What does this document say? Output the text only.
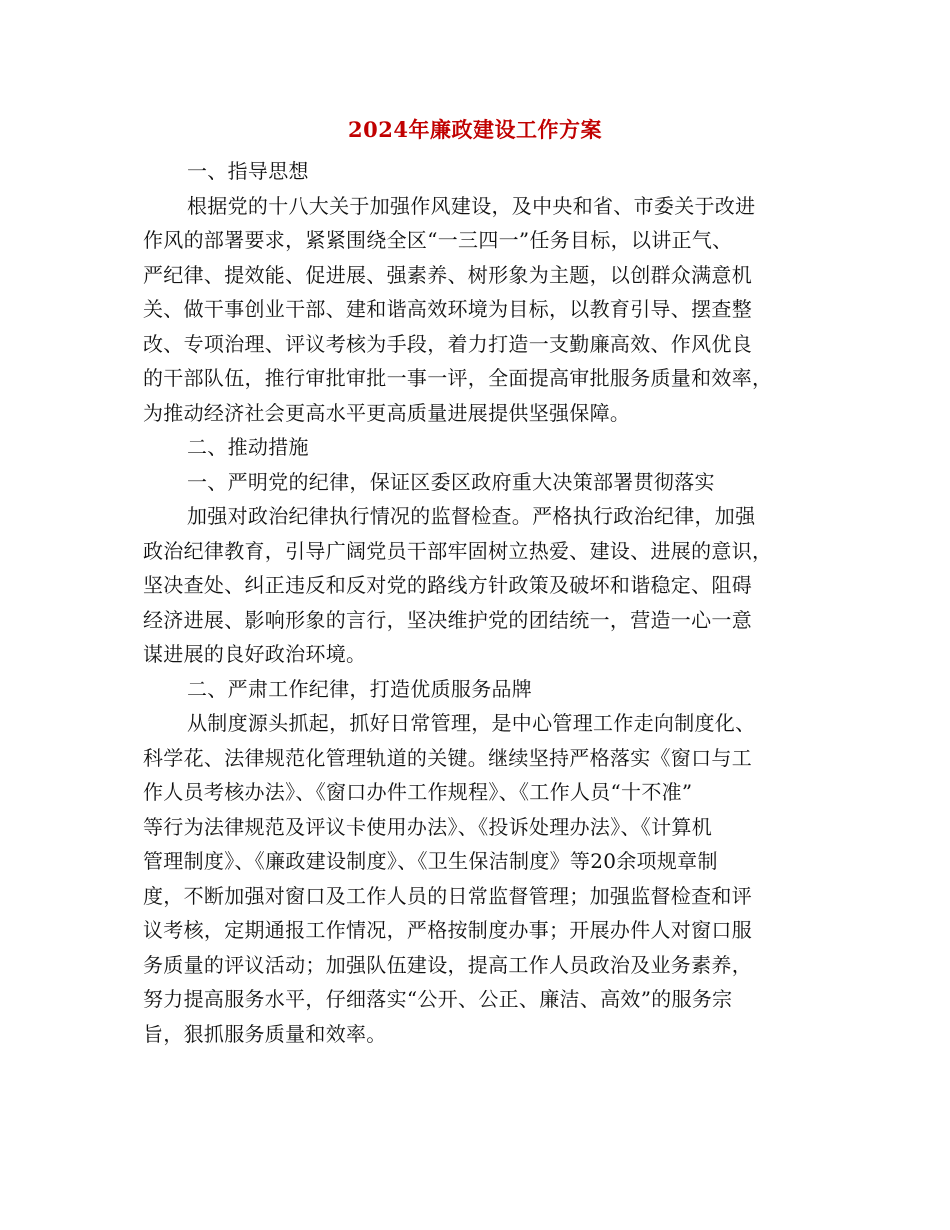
2024年廉政建设工作方案

一、指导思想

根据党的十八大关于加强作风建设，及中央和省、市委关于改进

作风的部署要求，紧紧围绕全区“一三四一”任务目标，以讲正气、

严纪律、提效能、促进展、强素养、树形象为主题，以创群众满意机

关、做干事创业干部、建和谐高效环境为目标，以教育引导、摆查整

改、专项治理、评议考核为手段，着力打造一支勤廉高效、作风优良

的干部队伍，推行审批审批一事一评，全面提高审批服务质量和效率，

为推动经济社会更高水平更高质量进展提供坚强保障。

二、推动措施

一、严明党的纪律，保证区委区政府重大决策部署贯彻落实

加强对政治纪律执行情况的监督检查。严格执行政治纪律，加强

政治纪律教育，引导广阔党员干部牢固树立热爱、建设、进展的意识，

坚决查处、纠正违反和反对党的路线方针政策及破坏和谐稳定、阻碍

经济进展、影响形象的言行，坚决维护党的团结统一，营造一心一意

谋进展的良好政治环境。

二、严肃工作纪律，打造优质服务品牌

从制度源头抓起，抓好日常管理，是中心管理工作走向制度化、

科学花、法律规范化管理轨道的关键。继续坚持严格落实《窗口与工

作人员考核办法》、《窗口办件工作规程》、《工作人员“十不准”

等行为法律规范及评议卡使用办法》、《投诉处理办法》、《计算机

管理制度》、《廉政建设制度》、《卫生保洁制度》等20余项规章制

度，不断加强对窗口及工作人员的日常监督管理；加强监督检查和评

议考核，定期通报工作情况，严格按制度办事；开展办件人对窗口服

务质量的评议活动；加强队伍建设，提高工作人员政治及业务素养，

努力提高服务水平，仔细落实“公开、公正、廉洁、高效”的服务宗

旨，狠抓服务质量和效率。
